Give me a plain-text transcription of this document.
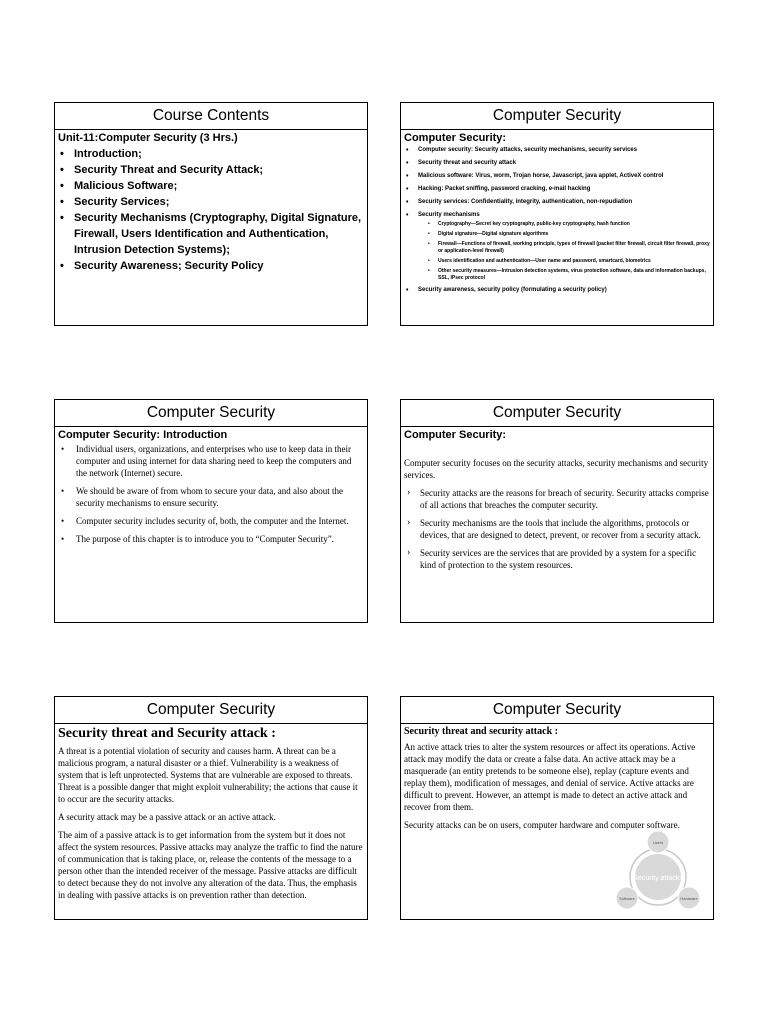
Course Contents
Unit-11:Computer Security (3 Hrs.)
• Introduction;
• Security Threat and Security Attack;
• Malicious Software;
• Security Services;
• Security Mechanisms (Cryptography, Digital Signature, Firewall, Users Identification and Authentication, Intrusion Detection Systems);
• Security Awareness; Security Policy
Computer Security
Computer Security:
• Computer security: Security attacks, security mechanisms, security services
• Security threat and security attack
• Malicious software: Virus, worm, Trojan horse, Javascript, java applet, ActiveX control
• Hacking: Packet sniffing, password cracking, e-mail hacking
• Security services: Confidentiality, integrity, authentication, non-repudiation
• Security mechanisms
• Cryptography—Secret key cryptography, public-key cryptography, hash function
• Digital signature—Digital signature algorithms
• Firewall—Functions of firewall, working principle, types of firewall (packet filter firewall, circuit filter firewall, proxy or application-level firewall)
• Users identification and authentication—User name and password, smartcard, biometrics
• Other security measures—Intrusion detection systems, virus protection software, data and information backups, SSL, IPsec protocol
• Security awareness, security policy (formulating a security policy)
Computer Security
Computer Security: Introduction
• Individual users, organizations, and enterprises who use to keep data in their computer and using internet for data sharing need to keep the computers and the network (Internet) secure.
• We should be aware of from whom to secure your data, and also about the security mechanisms to ensure security.
• Computer security includes security of, both, the computer and the Internet.
• The purpose of this chapter is to introduce you to “Computer Security”.
Computer Security
Computer Security:

Computer security focuses on the security attacks, security mechanisms and security services.

› Security attacks are the reasons for breach of security. Security attacks comprise of all actions that breaches the computer security.
› Security mechanisms are the tools that include the algorithms, protocols or devices, that are designed to detect, prevent, or recover from a security attack.
› Security services are the services that are provided by a system for a specific kind of protection to the system resources.
Computer Security
Security threat and Security attack :

A threat is a potential violation of security and causes harm. A threat can be a malicious program, a natural disaster or a thief. Vulnerability is a weakness of system that is left unprotected. Systems that are vulnerable are exposed to threats. Threat is a possible danger that might exploit vulnerability; the actions that cause it to occur are the security attacks.

A security attack may be a passive attack or an active attack.

The aim of a passive attack is to get information from the system but it does not affect the system resources. Passive attacks may analyze the traffic to find the nature of communication that is taking place, or, release the contents of the message to a person other than the intended receiver of the message. Passive attacks are difficult to detect because they do not involve any alteration of the data. Thus, the emphasis in dealing with passive attacks is on prevention rather than detection.

Computer Security
Security threat and security attack :

An active attack tries to alter the system resources or affect its operations. Active attack may modify the data or create a false data. An active attack may be a masquerade (an entity pretends to be someone else), replay (capture events and replay them), modification of messages, and denial of service. Active attacks are difficult to prevent. However, an attempt is made to detect an active attack and recover from them.

Security attacks can be on users, computer hardware and computer software.

Security attacks
Users
Software	Hardware
